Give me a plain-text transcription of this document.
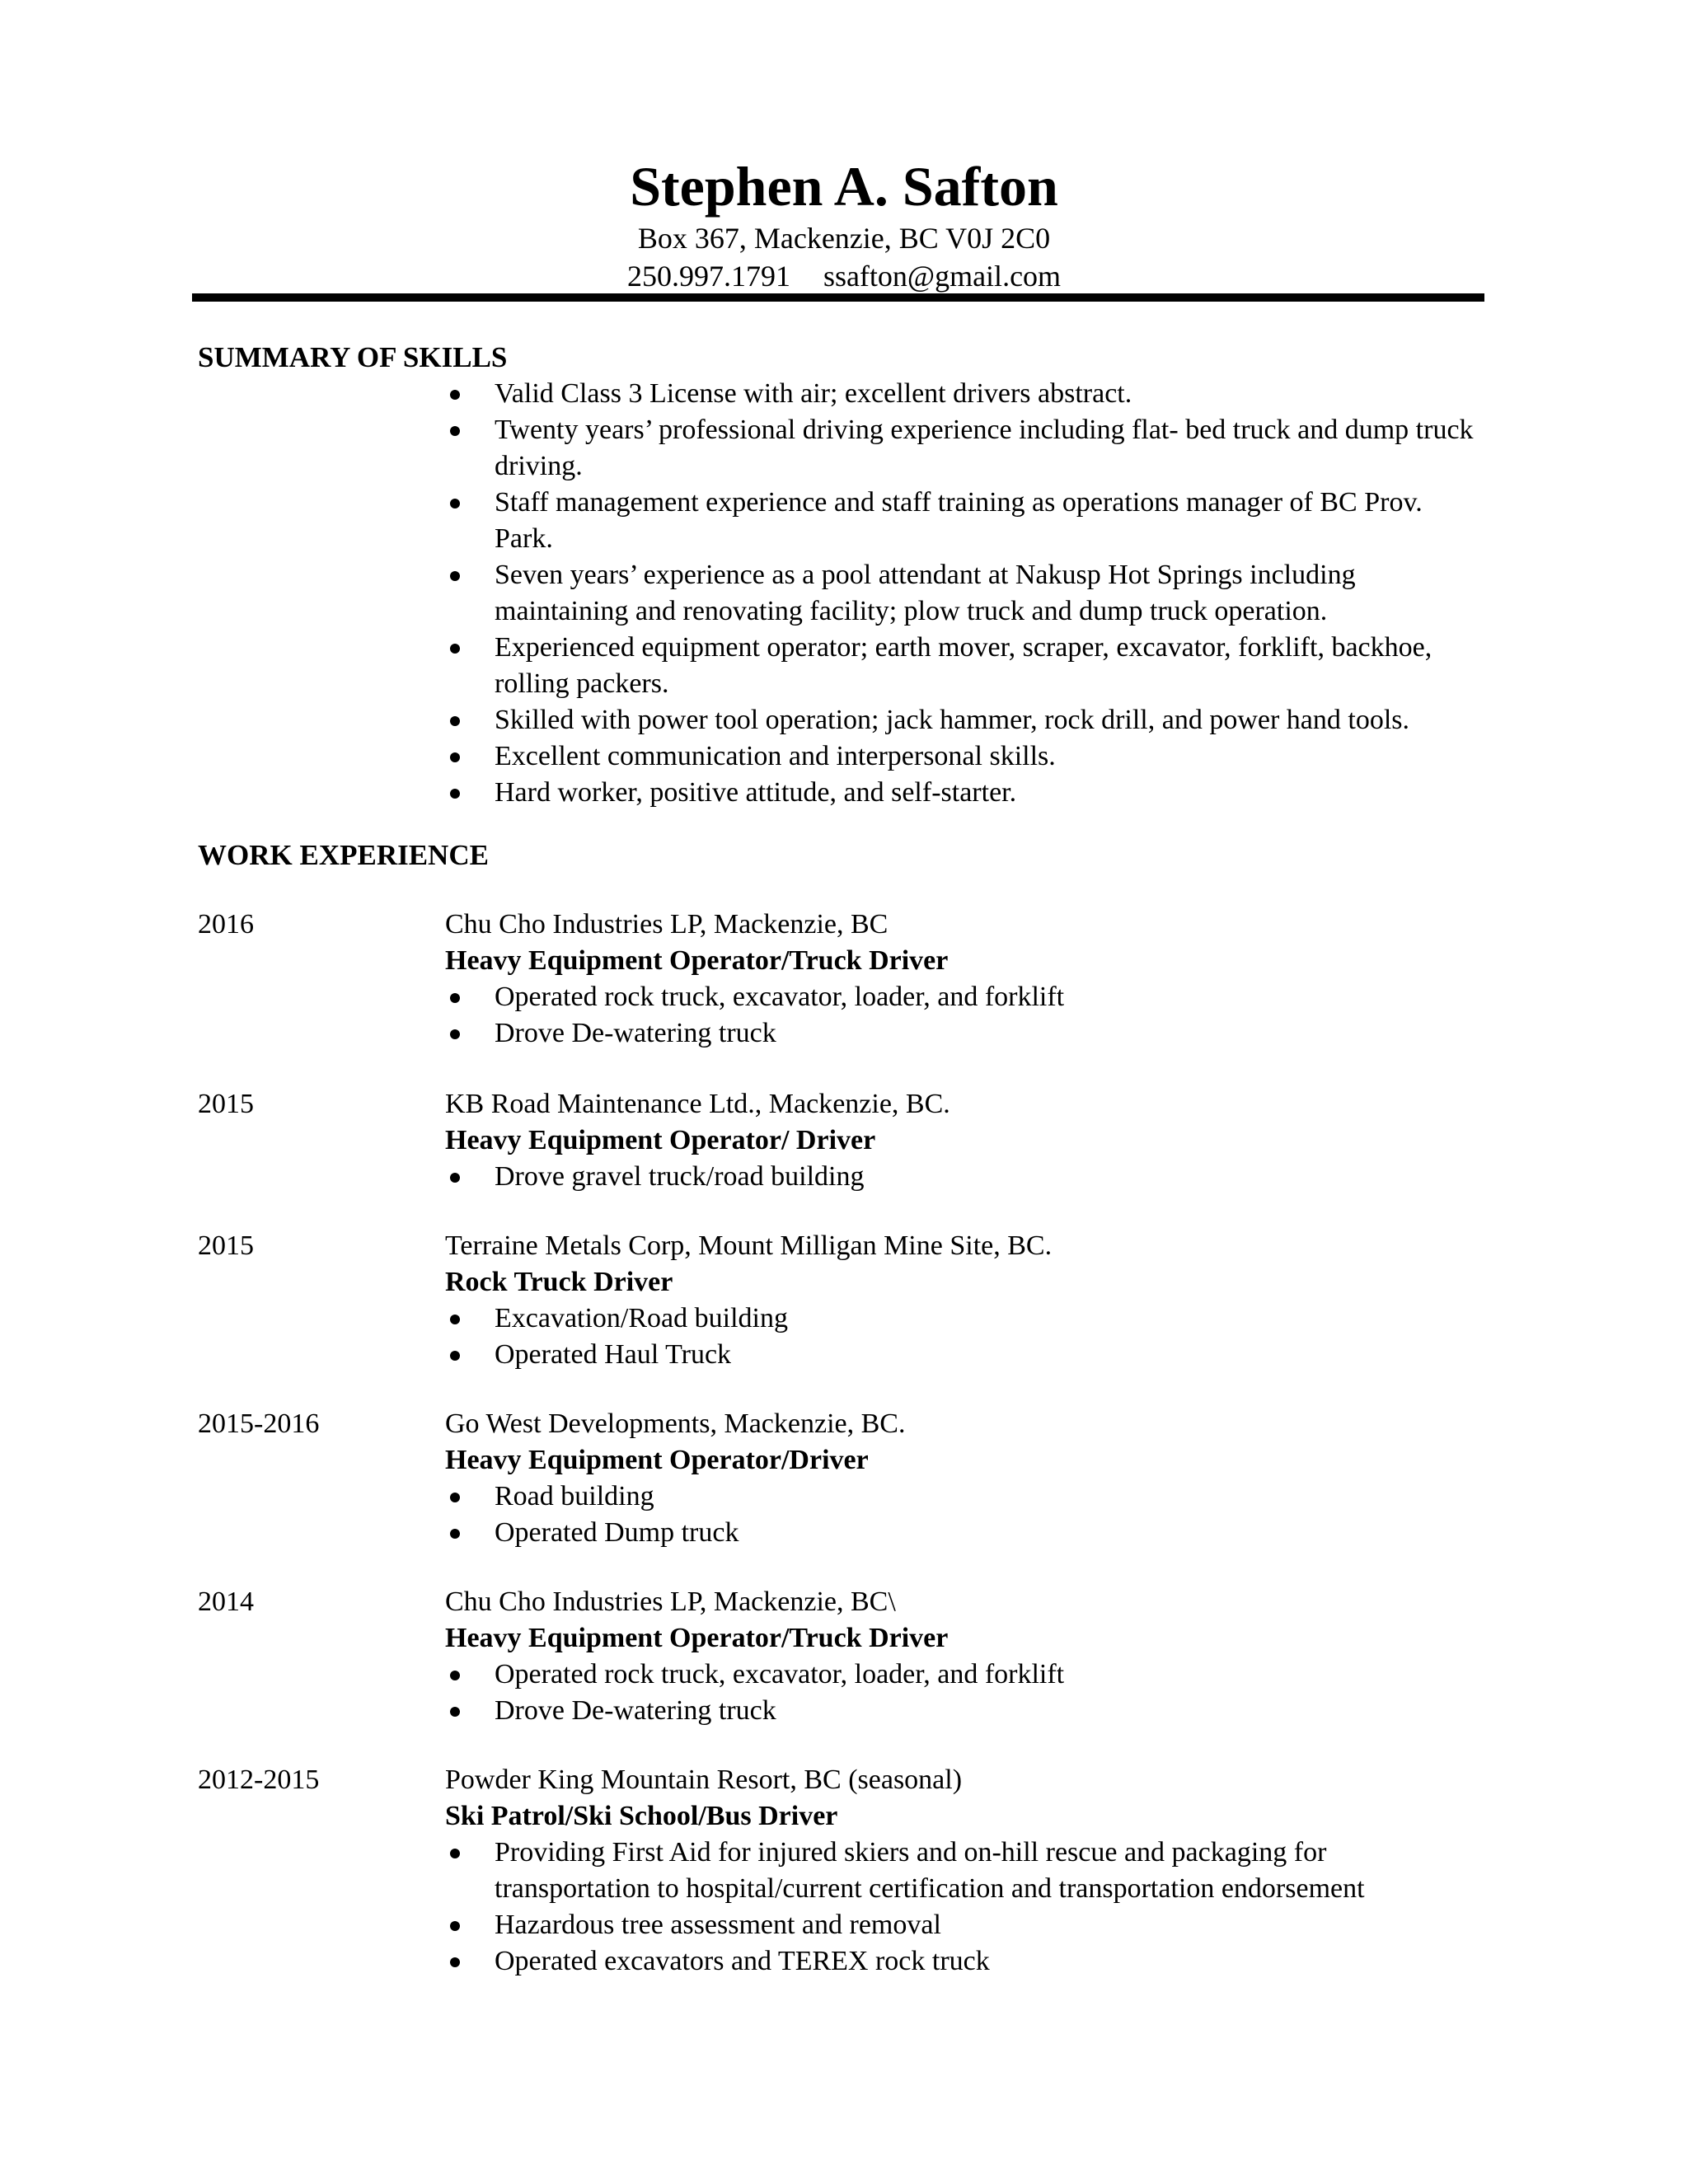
Stephen A. Safton

Box 367, Mackenzie, BC V0J 2C0

250.997.1791 ssafton@gmail.com

SUMMARY OF SKILLS

Valid Class 3 License with air; excellent drivers abstract.
Twenty years’ professional driving experience including flat- bed truck and dump truck driving.
Staff management experience and staff training as operations manager of BC Prov. Park.
Seven years’ experience as a pool attendant at Nakusp Hot Springs including maintaining and renovating facility; plow truck and dump truck operation.
Experienced equipment operator; earth mover, scraper, excavator, forklift, backhoe, rolling packers.
Skilled with power tool operation; jack hammer, rock drill, and power hand tools.
Excellent communication and interpersonal skills.
Hard worker, positive attitude, and self-starter.

WORK EXPERIENCE

2016	Chu Cho Industries LP, Mackenzie, BC

Heavy Equipment Operator/Truck Driver

Operated rock truck, excavator, loader, and forklift
Drove De-watering truck
2015	KB Road Maintenance Ltd., Mackenzie, BC.

Heavy Equipment Operator/ Driver

Drove gravel truck/road building
2015	Terraine Metals Corp, Mount Milligan Mine Site, BC.

Rock Truck Driver

Excavation/Road building
Operated Haul Truck
2015-2016	Go West Developments, Mackenzie, BC.

Heavy Equipment Operator/Driver

Road building
Operated Dump truck
2014	Chu Cho Industries LP, Mackenzie, BC\

Heavy Equipment Operator/Truck Driver

Operated rock truck, excavator, loader, and forklift
Drove De-watering truck
2012-2015	Powder King Mountain Resort, BC (seasonal)

Ski Patrol/Ski School/Bus Driver

Providing First Aid for injured skiers and on-hill rescue and packaging for transportation to hospital/current certification and transportation endorsement
Hazardous tree assessment and removal
Operated excavators and TEREX rock truck
